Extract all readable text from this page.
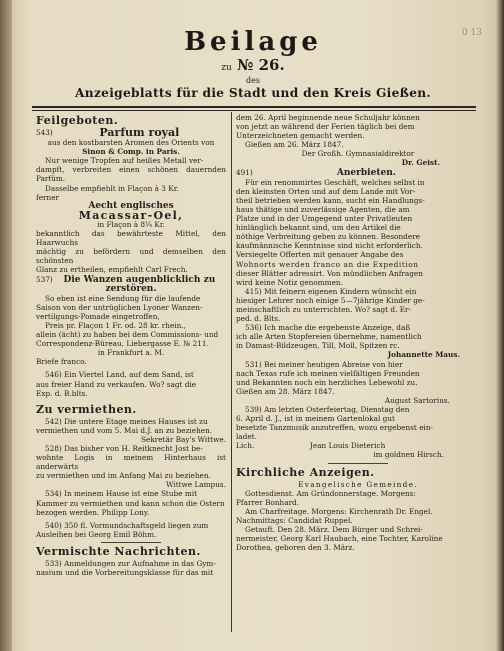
0 13
Beilage
zu № 26.
des
Anzeigeblatts für die Stadt und den Kreis Gießen.

Feilgeboten.

543)	Parfum royal

aus den kostbarsten Aromen des Orients von

Sinon & Comp. in Paris.

Nur wenige Tropfen auf heißes Metall ver-

dampft, verbreiten einen schönen dauernden Parfüm.

Dasselbe empfiehlt in Flaçon à 3 Kr.

ferner

Aecht englisches

Macassar-Oel,

in Flaçon à 8¼ Kr.

bekanntlich das bewährteste Mittel, den Haarwuchs

mächtig zu befördern und demselben den schönsten

Glanz zu ertheilen, empfiehlt Carl Frech.

537) Die Wanzen augenblicklich zu

zerstören.

So eben ist eine Sendung für die laufende

Saison von der untrüglichen Lyoner Wanzen-

vertilgungs-Pomade eingetroffen,

Preis pr. Flaçon 1 Fr. od. 28 kr. rhein.,

allein (ächt) zu haben bei dem Commissions- und

Correspondenz-Büreau, Liebergasse E. № 211.

in Frankfurt a. M.

Briefe franco.

546) Ein Viertel Land, auf dem Sand, ist

aus freier Hand zu verkaufen. Wo? sagt die

Exp. d. B.blts.

Zu vermiethen.

542) Die untere Etage meines Hauses ist zu

vermiethen und vom 5. Mai d.J. an zu beziehen.

Sekretär Bay's Wittwe.

528) Das bisher von H. Reitknecht Jost be-

wohnte Logis in meinem Hinterhaus ist anderwärts

zu vermiethen und im Anfang Mai zu beziehen.

Wittwe Lampus.

534) In meinem Hause ist eine Stube mit

Kammer zu vermiethen und kann schon die Ostern

bezogen werden. Philipp Lony.

540) 350 fl. Vormundschaftsgeld liegen zum

Ausleihen bei Georg Emil Böhm.

Vermischte Nachrichten.

533) Anmeldungen zur Aufnahme in das Gym-

nasium und die Vorbereitungsklasse für das mit

dem 26. April beginnende neue Schuljahr können

von jetzt an während der Ferien täglich bei dem

Unterzeichneten gemacht werden.

Gießen am 26. März 1847.

Der Großh. Gymnasialdirektor

Dr. Geist.

491)	Anerbieten.

Für ein renommirtes Geschäft, welches selbst in

den kleinsten Orten und auf dem Lande mit Vor-

theil betrieben werden kann, sucht ein Handlungs-

haus thätige und zuverlässige Agenten, die am

Platze und in der Umgegend unter Privatleuten

hinlänglich bekannt sind, um den Artikel die

nöthige Verbreitung geben zu können. Besondere

kaufmännische Kenntnisse sind nicht erforderlich.

Versiegelte Offerten mit genauer Angabe des

Wohnorts werden franco an die Expedition

dieser Blätter adressirt. Von mündlichen Anfragen

wird keine Notiz genommen.

415) Mit feinern eigenen Kindern wünscht ein

hiesiger Lehrer noch einige 5—7jährige Kinder ge-

meinschaftlich zu unterrichten. Wo? sagt d. Er-

ped. d. Blts.

536) Ich mache die ergebenste Anzeige, daß

ich alle Arten Stopfereien übernehme, namentlich

in Damast-Bildzeugen, Till, Moll, Spitzen rc.

Johannette Maus.

531) Bei meiner heutigen Abreise von hier

nach Texas rufe ich meinen vielfältigen Freunden

und Bekannten noch ein herzliches Lebewohl zu.

Gießen am 28. März 1847.

August Sartorius.

539) Am letzten Osterfeiertag, Dienstag den

6. April d. J., ist in meinem Gartenlokal gut

besetzte Tanzmusik anzutreffen, wozu ergebenst ein-

ladet.

Lich.                        Jean Louis Dieterich

im goldnen Hirsch.

Kirchliche Anzeigen.

Evangelische Gemeinde.

Gottesdienst. Am Gründonnerstage. Morgens:

Pfarrer Bonhard.

Am Charfreitage. Morgens: Kirchenrath Dr. Engel.

Nachmittags: Candidat Ruppel.

Getauft. Den 28. März. Dem Bürger und Schrei-

nermeister, Georg Karl Haubach, eine Tochter, Karoline

Dorothea, geboren den 3. März.
